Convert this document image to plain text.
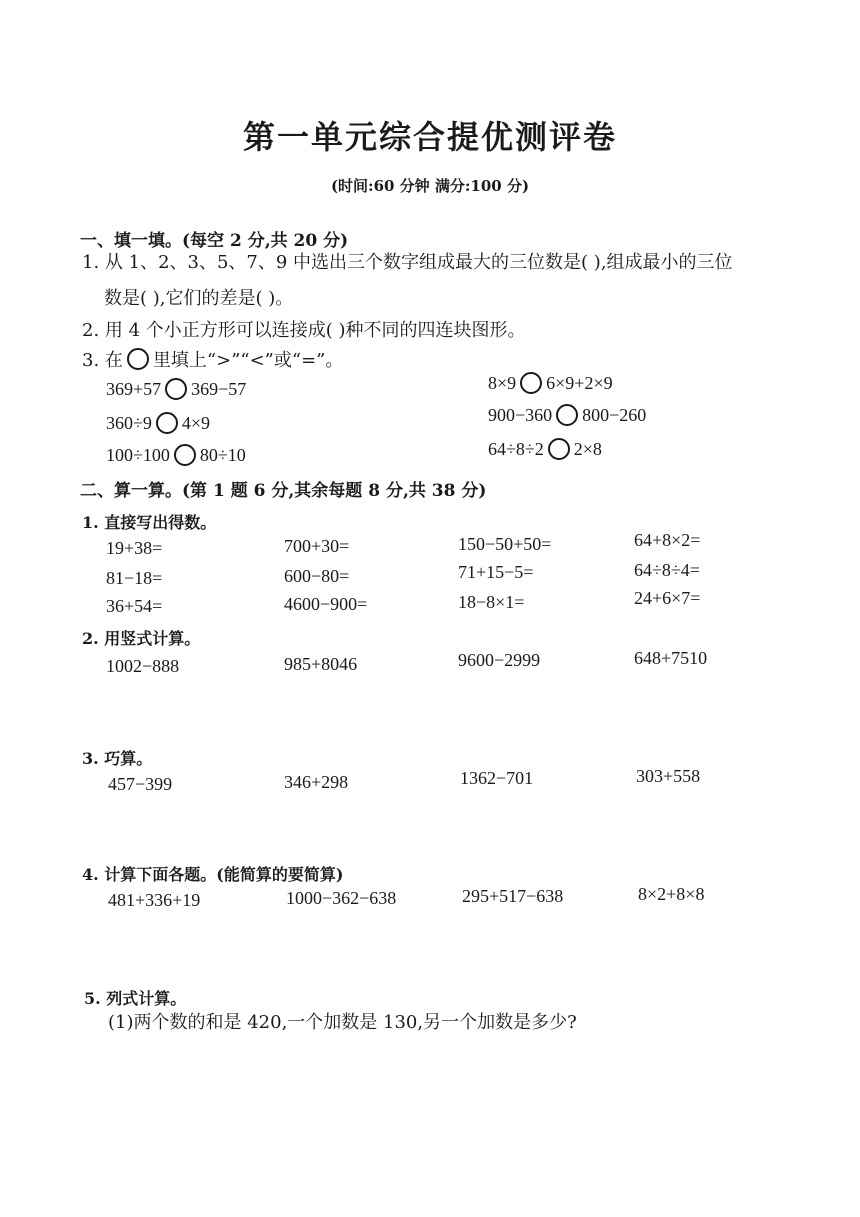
第一单元综合提优测评卷
(时间:60 分钟 满分:100 分)
一、填一填。(每空 2 分,共 20 分)
1. 从 1、2、3、5、7、9 中选出三个数字组成最大的三位数是( ),组成最小的三位
数是( ),它们的差是( )。
2. 用 4 个小正方形可以连接成( )种不同的四连块图形。
3. 在 里填上“>”“<”或“=”。
369+57 369−57
360÷9 4×9
100÷100 80÷10
8×9 6×9+2×9
900−360 800−260
64÷8÷2 2×8
二、算一算。(第 1 题 6 分,其余每题 8 分,共 38 分)
1. 直接写出得数。
19+38=	700+30=	150−50+50=	64+8×2=
81−18=	600−80=	71+15−5=	64÷8÷4=
36+54=	4600−900=	18−8×1=	24+6×7=
2. 用竖式计算。
1002−888	985+8046	9600−2999	648+7510
3. 巧算。
457−399	346+298	1362−701	303+558
4. 计算下面各题。(能简算的要简算)
481+336+19	1000−362−638	295+517−638	8×2+8×8
5. 列式计算。
(1)两个数的和是 420,一个加数是 130,另一个加数是多少?
